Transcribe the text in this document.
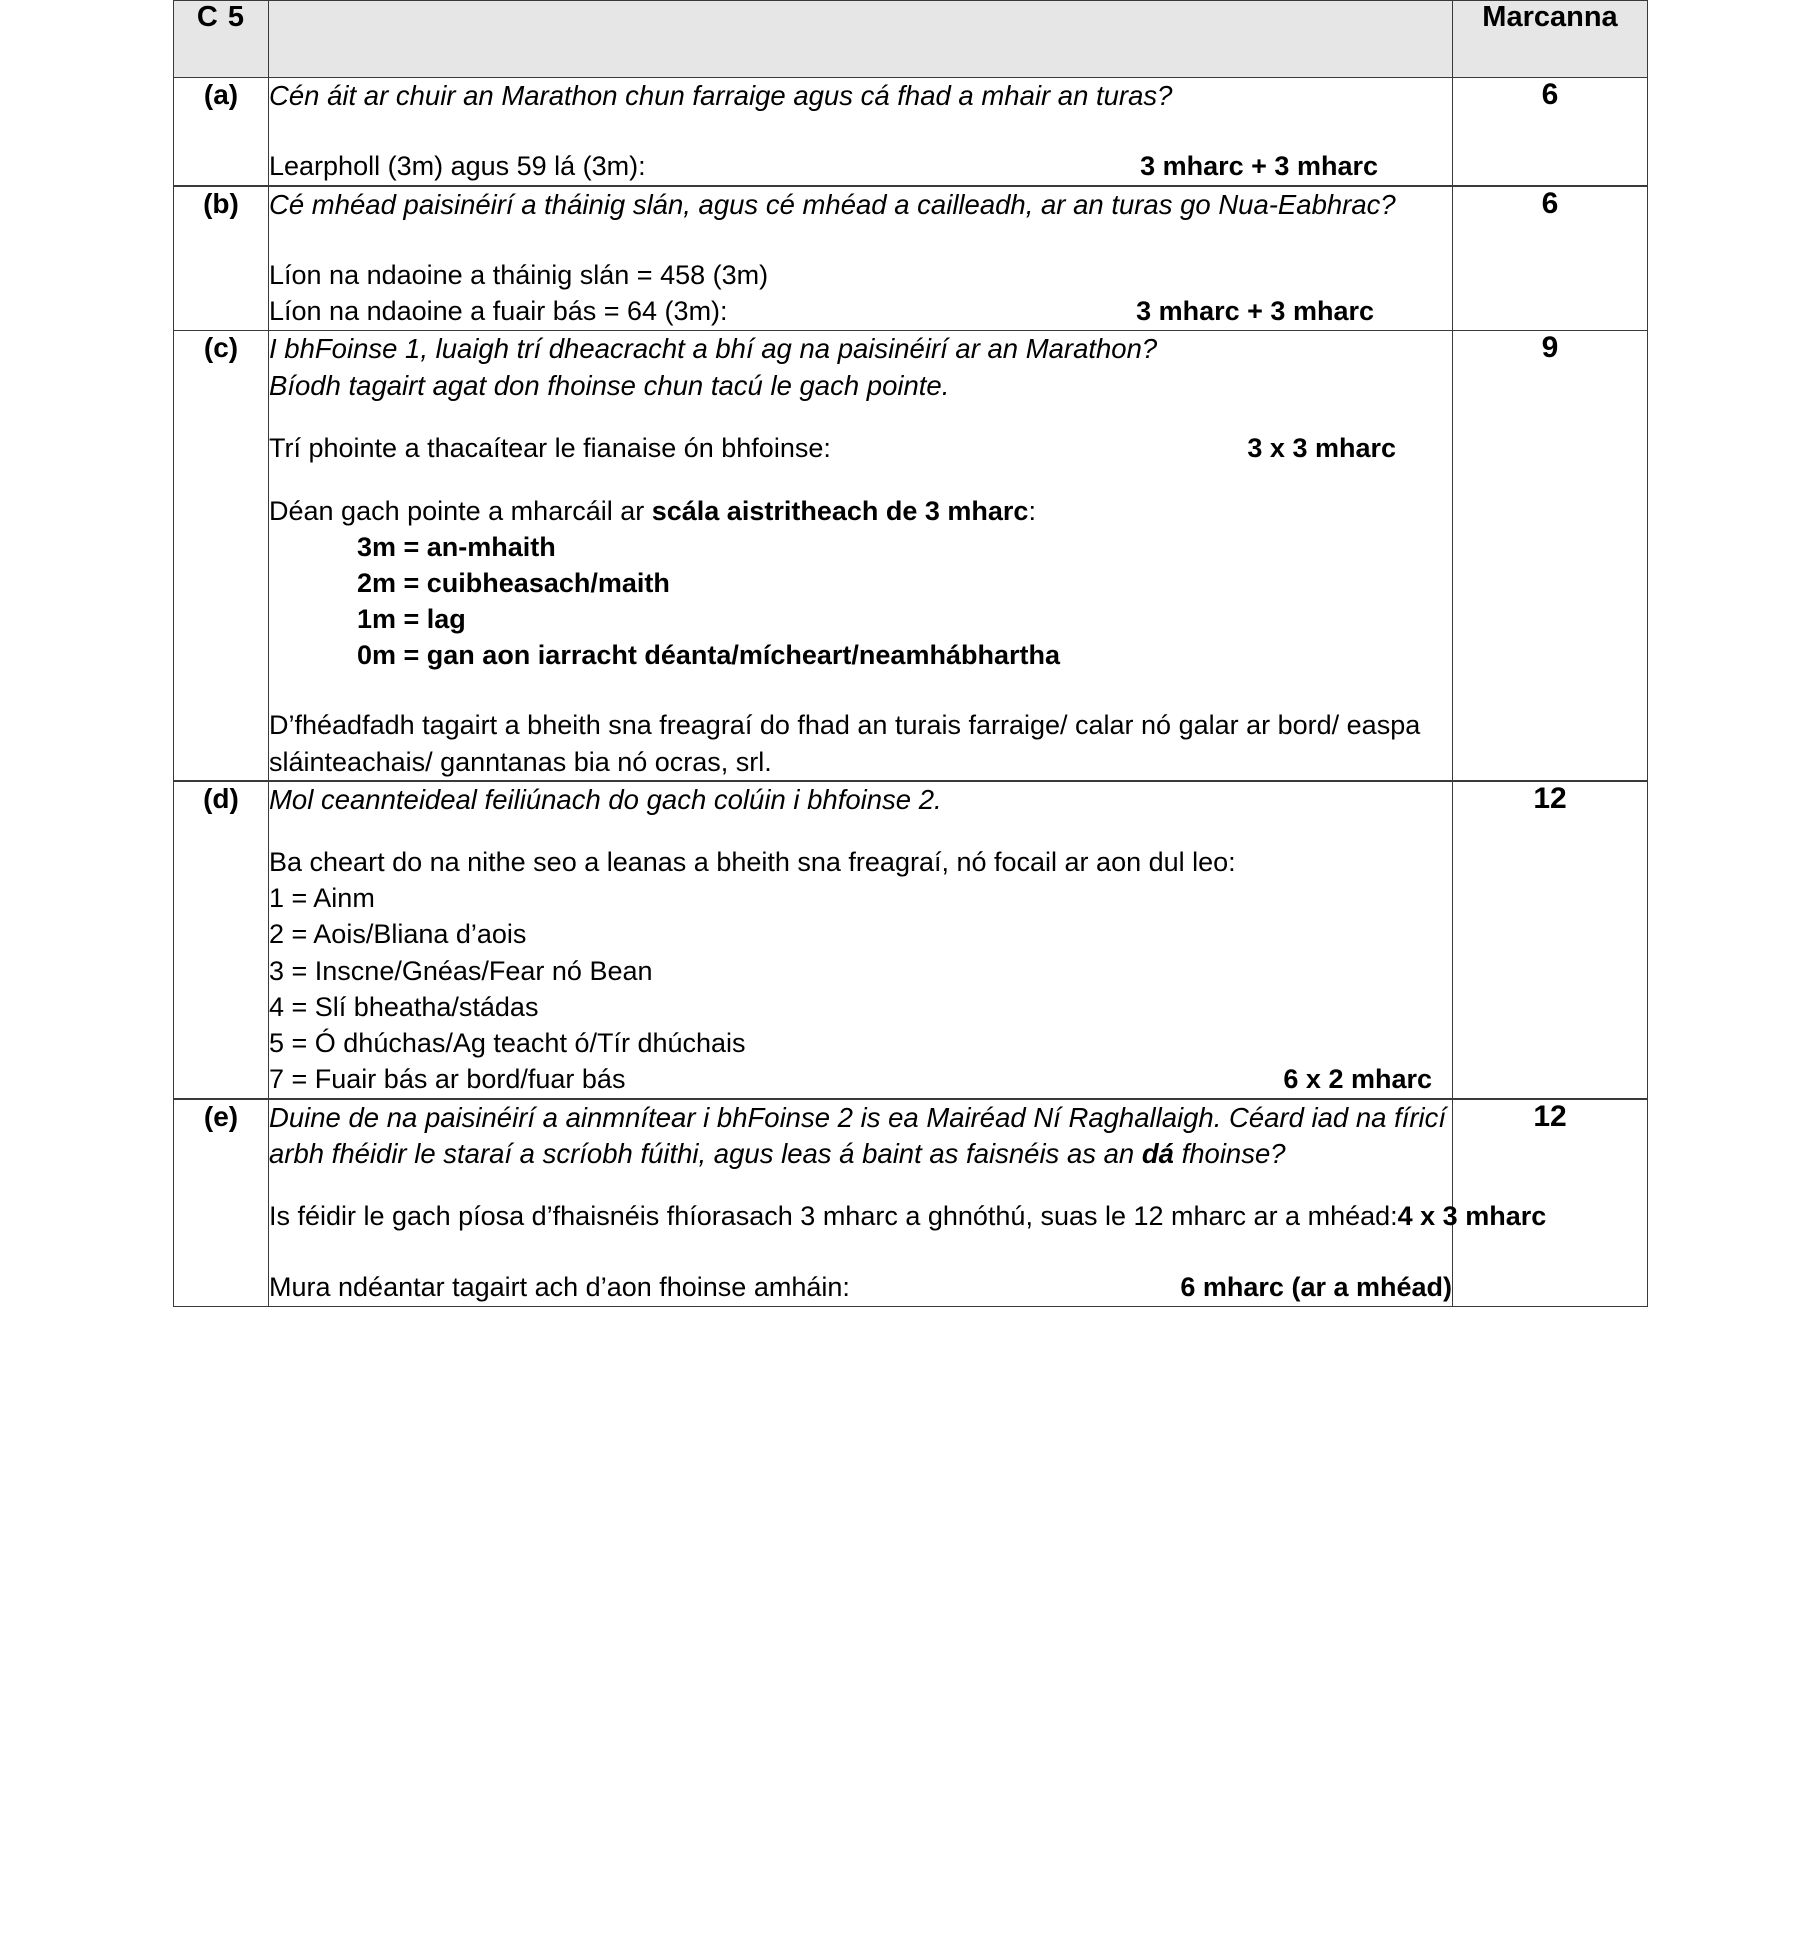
C 5		Marcanna
(a)	Cén áit ar chuir an Marathon chun farraige agus cá fhad a mhair an turas?

Learpholl (3m) agus 59 lá (3m): 3 mharc + 3 mharc	6
(b)	Cé mhéad paisinéirí a tháinig slán, agus cé mhéad a cailleadh, ar an turas go Nua-Eabhrac?

Líon na ndaoine a tháinig slán = 458 (3m)

Líon na ndaoine a fuair bás = 64 (3m): 3 mharc + 3 mharc	6
(c)	I bhFoinse 1, luaigh trí dheacracht a bhí ag na paisinéirí ar an Marathon?

Bíodh tagairt agat don fhoinse chun tacú le gach pointe.

Trí phointe a thacaítear le fianaise ón bhfoinse:	3 x 3 mharc

Déan gach pointe a mharcáil ar scála aistritheach de 3 mharc:

3m = an-mhaith
2m = cuibheasach/maith
1m = lag
0m = gan aon iarracht déanta/mícheart/neamhábhartha

D’fhéadfadh tagairt a bheith sna freagraí do fhad an turais farraige/ calar nó galar ar bord/ easpa sláinteachais/ ganntanas bia nó ocras, srl.

	9
(d)	Mol ceannteideal feiliúnach do gach colúin i bhfoinse 2.

Ba cheart do na nithe seo a leanas a bheith sna freagraí, nó focail ar aon dul leo:

1 = Ainm
2 = Aois/Bliana d’aois
3 = Inscne/Gnéas/Fear nó Bean
4 = Slí bheatha/stádas
5 = Ó dhúchas/Ag teacht ó/Tír dhúchais
7 = Fuair bás ar bord/fuar bás	6 x 2 mharc
	12
(e)	Duine de na paisinéirí a ainmnítear i bhFoinse 2 is ea Mairéad Ní Raghallaigh. Céard iad na fíricí arbh fhéidir le staraí a scríobh fúithi, agus leas á baint as faisnéis as an dá fhoinse?

Is féidir le gach píosa d’fhaisnéis fhíorasach 3 mharc a ghnóthú, suas le 12 mharc ar a mhéad: 4 x 3 mharc
Mura ndéantar tagairt ach d’aon fhoinse amháin: 6 mharc (ar a mhéad)	12
